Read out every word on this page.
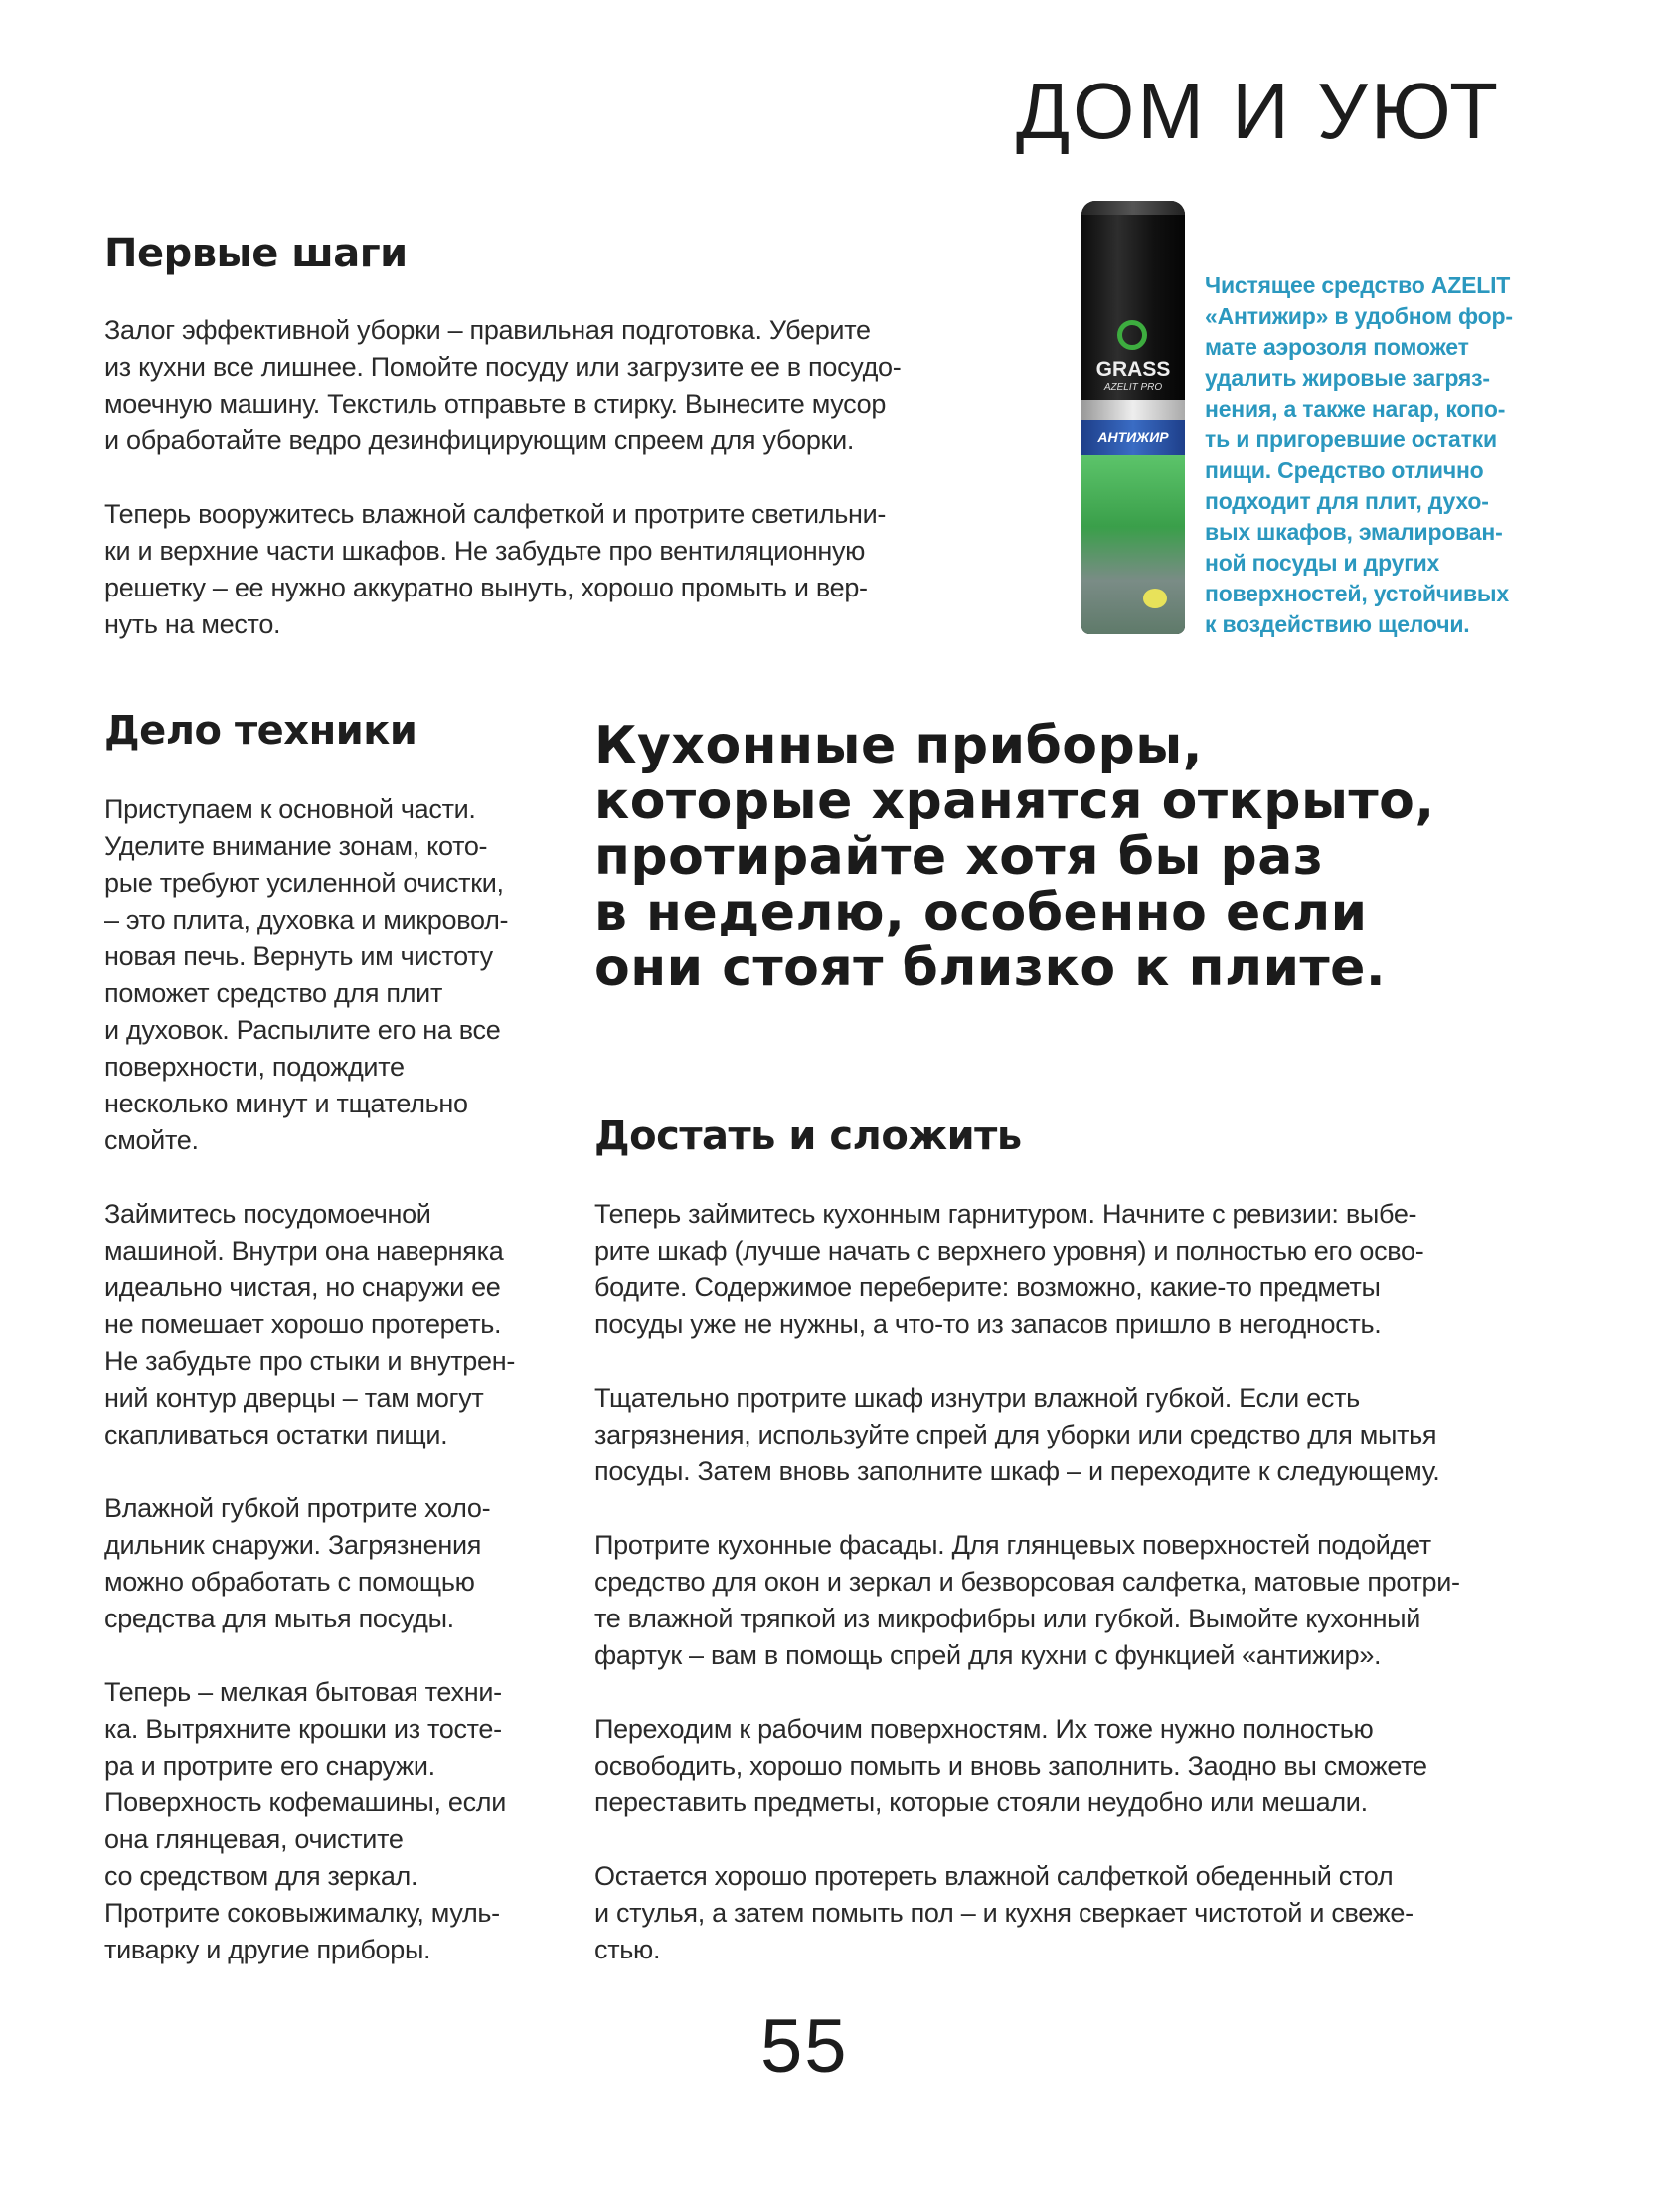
ДОМ И УЮТ
Первые шаги
Залог эффективной уборки – правильная подготовка. Уберите
из кухни все лишнее. Помойте посуду или загрузите ее в посудо-
моечную машину. Текстиль отправьте в стирку. Вынесите мусор
и обработайте ведро дезинфицирующим спреем для уборки.
Теперь вооружитесь влажной салфеткой и протрите светильни-
ки и верхние части шкафов. Не забудьте про вентиляционную
решетку – ее нужно аккуратно вынуть, хорошо промыть и вер-
нуть на место.
GRASS
AZELIT PRO
АНТИЖИР
Чистящее средство AZELIT
«Антижир» в удобном фор-
мате аэрозоля поможет
удалить жировые загряз-
нения, а также нагар, копо-
ть и пригоревшие остатки
пищи. Средство отлично
подходит для плит, духо-
вых шкафов, эмалирован-
ной посуды и других
поверхностей, устойчивых
к воздействию щелочи.
Дело техники
Приступаем к основной части.
Уделите внимание зонам, кото-
рые требуют усиленной очистки,
– это плита, духовка и микровол-
новая печь. Вернуть им чистоту
поможет средство для плит
и духовок. Распылите его на все
поверхности, подождите
несколько минут и тщательно
смойте.
Займитесь посудомоечной
машиной. Внутри она наверняка
идеально чистая, но снаружи ее
не помешает хорошо протереть.
Не забудьте про стыки и внутрен-
ний контур дверцы – там могут
скапливаться остатки пищи.
Влажной губкой протрите холо-
дильник снаружи. Загрязнения
можно обработать с помощью
средства для мытья посуды.
Теперь – мелкая бытовая техни-
ка. Вытряхните крошки из тосте-
ра и протрите его снаружи.
Поверхность кофемашины, если
она глянцевая, очистите
со средством для зеркал.
Протрите соковыжималку, муль-
тиварку и другие приборы.
Кухонные приборы,
которые хранятся открыто,
протирайте хотя бы раз
в неделю, особенно если
они стоят близко к плите.
Достать и сложить
Теперь займитесь кухонным гарнитуром. Начните с ревизии: выбе-
рите шкаф (лучше начать с верхнего уровня) и полностью его осво-
бодите. Содержимое переберите: возможно, какие-то предметы
посуды уже не нужны, а что-то из запасов пришло в негодность.
Тщательно протрите шкаф изнутри влажной губкой. Если есть
загрязнения, используйте спрей для уборки или средство для мытья
посуды. Затем вновь заполните шкаф – и переходите к следующему.
Протрите кухонные фасады. Для глянцевых поверхностей подойдет
средство для окон и зеркал и безворсовая салфетка, матовые протри-
те влажной тряпкой из микрофибры или губкой. Вымойте кухонный
фартук – вам в помощь спрей для кухни с функцией «антижир».
Переходим к рабочим поверхностям. Их тоже нужно полностью
освободить, хорошо помыть и вновь заполнить. Заодно вы сможете
переставить предметы, которые стояли неудобно или мешали.
Остается хорошо протереть влажной салфеткой обеденный стол
и стулья, а затем помыть пол – и кухня сверкает чистотой и свеже-
стью.
55
